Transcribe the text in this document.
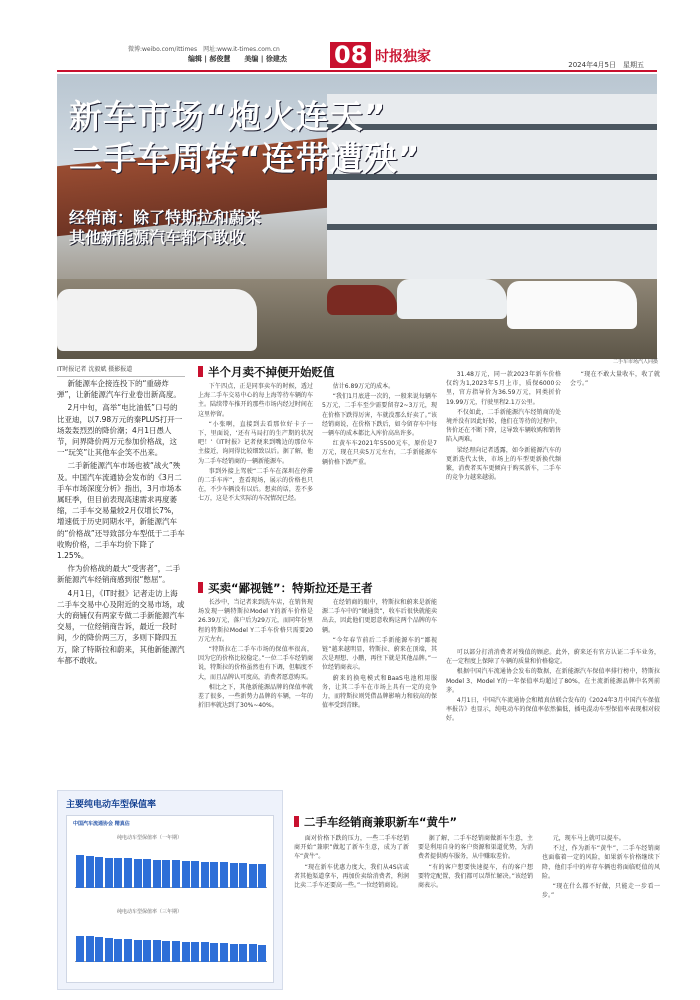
微博:weibo.com/ittimes　网址:www.it-times.com.cn
编辑 | 郝俊慧　　美编 | 徐建杰 08 时报独家	2024年4月5日　星期五
新车市场“炮火连天”
二手车周转“连带遭殃”
经销商：除了特斯拉和蔚来
其他新能源汽车都不敢收
二手车市场汽人同摄
IT时报记者 沈毅斌 摄影报道

新能源车企接连投下的“重磅炸弹”，让新能源汽车行业卷出新高度。

2月中旬，高举“电比油低”口号的比亚迪，以7.98万元的秦PLUS打开一场轰轰烈烈的降价潮；4月1日愚人节，问界降价两万元参加价格战，这一“玩笑”让其他车企笑不出来。

二手新能源汽车市场也被“战火”殃及。中国汽车流通协会发布的《3月二手车市场深度分析》指出，3月市场本属旺季，但目前表现高速需求再度萎缩，二手车交易量较2月仅增长7%，增速低于历史同期水平，新能源汽车的“价格战”还导致部分车型低于二手车收购价格，二手车均价下降了1.25%。

作为价格战的最大“受害者”，二手新能源汽车经销商感到很“憋屈”。

4月1日，《IT时报》记者走访上海二手车交易中心及附近的交易市场，或大的商铺仅有两家专做二手新能源汽车交易，一位经销商告诉，最近一段时间，少的降价两三万，多则下降四五万，除了特斯拉和蔚来，其他新能源汽车都不敢收。

半个月卖不掉便开始贬值

下午四点，正是同事卖车的时候，透过上海二手车交易中心的每上海等待车辆的车主。陆续带车推开的那些市场内经过时间在这里停留。

“小张啊，直接到去看那位好卡子一下，里面说，‘还有马局打的生产期的状况吧！’《IT时报》记者便来到嘴边的那位车主接近，询问得比较细致以后。据了解，他为二手车经销商的一辆新能源车。

事到外接上驾驶“二手车在深圳在停滞的二手车库”，查看现场，展示的价格也只在，不少车辆没有以后。想卖的话，差不多七万，这是不太实际的车况情况已经。

估计6.89万元的成本。

“我们1月底进一次的，一般来说每辆车5万元，二手车至少需要留存2~3万元，现在价格下跌得厉害，车就没那么好卖了。”该经销商说，在价格下跌后，如今留存车中每一辆车的成本都比入库价高出许多。

红黄车车2021年5500元车，原价是7万元，现在只卖5万元左右，二手新能源车辆价格下跌严重。

31.48万元，同一款2023年新车价格仅约为1,2023年5月上市，质保6000公里，官方指导价为36.59万元，同类折价19.99万元，行驶里程2.1万公里。

不仅如此，二手新能源汽车经销商的处境并没有因此好转，他们在等待的过程中，售价还在不断下降，这导致车辆收购和销售陷入两难。

梁经理向记者透露，如今新能源汽车的更新迭代太快，市场上的车型更新换代频繁，消费者买车更倾向于购买新车，二手车的竞争力越来越弱。

“现在不敢大量收车，收了就会亏。”

买卖“鄙视链”：特斯拉还是王者

长沙中，当记者来到洗车店，在销售现场发现一辆特斯拉Model Y的新车价格是26.39万元，落户后为29万元，而同年份里程的特斯拉Model Y二手车价格只需要20万元左右。

“特斯拉在二手车市场的保值率很高，因为它的价格比较稳定。”一位二手车经销商说，特斯拉的价格虽然也有下调，但幅度不大，而且品牌认可度高，消费者愿意购买。

相比之下，其他新能源品牌的保值率就差了很多，一些新势力品牌的车辆，一年的折旧率就达到了30%~40%。

在经销商的眼中，特斯拉和蔚来是新能源二手车中的“硬通货”，收车后很快就能卖出去，因此他们更愿意收购这两个品牌的车辆。

“今年春节前后二手新能源车的“鄙视链”越来越明显，特斯拉、蔚来在顶端，其次是理想、小鹏，再往下就是其他品牌。”一位经销商表示。

蔚来的换电模式和BaaS电池租用服务，让其二手车在市场上具有一定的竞争力，而特斯拉则凭借品牌影响力和较高的保值率受到青睐。

可以部分打消消费者对残值的顾虑。此外，蔚来还有官方认证二手车业务，在一定程度上保障了车辆的质量和价格稳定。

根据中国汽车流通协会发布的数据，在新能源汽车保值率排行榜中，特斯拉Model 3、Model Y的一年保值率均超过了80%，在主流新能源品牌中名列前茅。

4月1日，中国汽车流通协会和精真估联合发布的《2024年3月中国汽车保值率报告》也显示，纯电动车的保值率依然偏低，插电混动车型保值率表现相对较好。

二手车经销商兼职新车“黄牛”

面对价格下跌的压力，一些二手车经销商开始“兼职”做起了新车生意，成为了新车“黄牛”。

“现在新车优惠力度大，我们从4S店或者其他渠道拿车，再加价卖给消费者，利润比卖二手车还要高一些。”一位经销商说。

据了解，二手车经销商做新车生意，主要是利用自身的客户资源和渠道优势，为消费者提供购车服务，从中赚取差价。

“有的客户想要快速提车，有的客户想要特定配置，我们都可以帮忙解决。”该经销商表示。

元，现车马上就可以提车。

不过，作为新车“黄牛”，二手车经销商也面临着一定的风险，如果新车价格继续下降，他们手中的库存车辆也将面临贬值的风险。

“现在什么都不好做，只能走一步看一步。”

主要纯电动车型保值率
中国汽车流通协会 精真估
纯电动车型保值率（一年期）
纯电动车型保值率（三年期）
